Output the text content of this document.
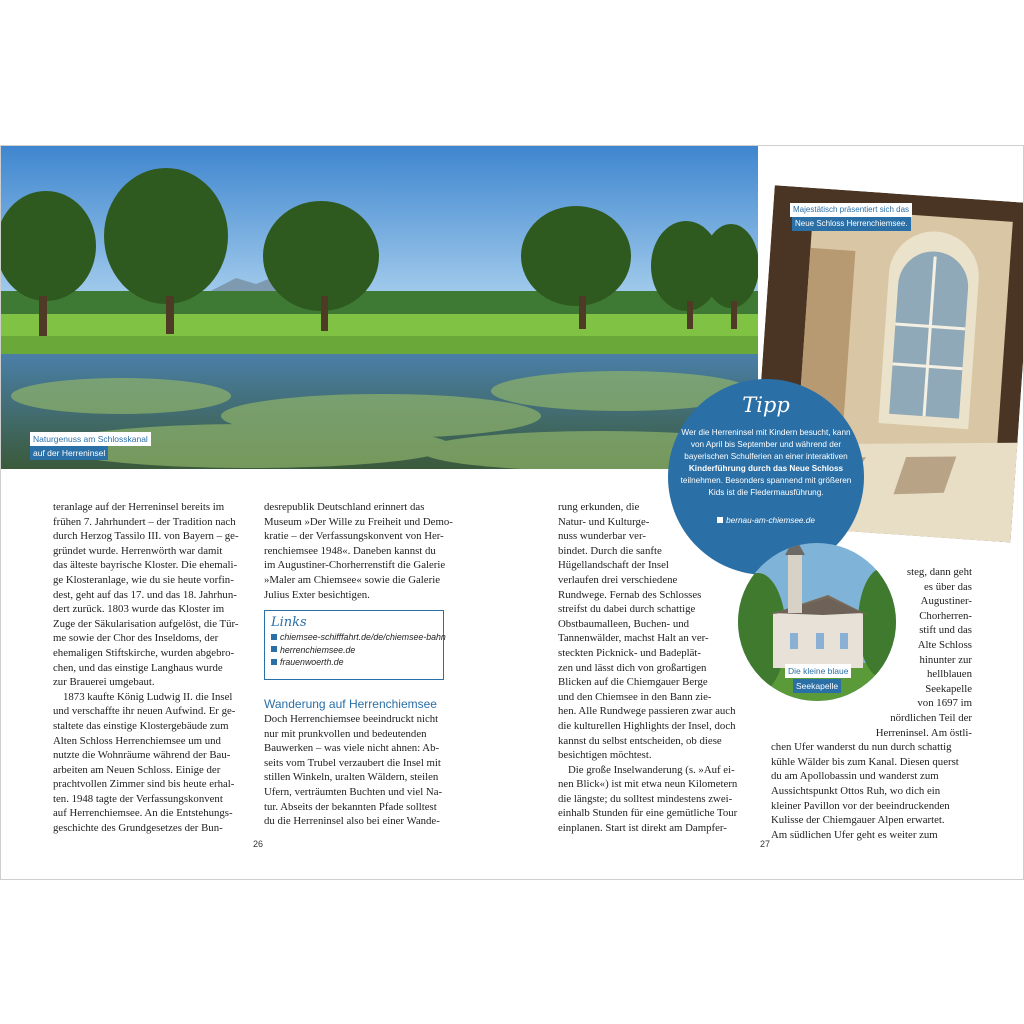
Naturgenuss am Schlosskanal
auf der Herreninsel
Majestätisch präsentiert sich das
Neue Schloss Herrenchiemsee.
Tipp
Wer die Herreninsel mit Kindern besucht, kann von April bis September und während der bayerischen Schulferien an einer interaktiven Kinderführung durch das Neue Schloss teilnehmen. Besonders spannend mit größeren Kids ist die Fledermausführung.
bernau-am-chiemsee.de
Die kleine blaue
Seekapelle
teranlage auf der Herreninsel bereits im
frühen 7. Jahrhundert – der Tradition nach
durch Herzog Tassilo III. von Bayern – ge-
gründet wurde. Herrenwörth war damit
das älteste bayrische Kloster. Die ehemali-
ge Klosteranlage, wie du sie heute vorfin-
dest, geht auf das 17. und das 18. Jahrhun-
dert zurück. 1803 wurde das Kloster im
Zuge der Säkularisation aufgelöst, die Tür-
me sowie der Chor des Inseldoms, der
ehemaligen Stiftskirche, wurden abgebro-
chen, und das einstige Langhaus wurde
zur Brauerei umgebaut.
1873 kaufte König Ludwig II. die Insel
und verschaffte ihr neuen Aufwind. Er ge-
staltete das einstige Klostergebäude zum
Alten Schloss Herrenchiemsee um und
nutzte die Wohnräume während der Bau-
arbeiten am Neuen Schloss. Einige der
prachtvollen Zimmer sind bis heute erhal-
ten. 1948 tagte der Verfassungskonvent
auf Herrenchiemsee. An die Entstehungs-
geschichte des Grundgesetzes der Bun-
desrepublik Deutschland erinnert das
Museum »Der Wille zu Freiheit und Demo-
kratie – der Verfassungskonvent von Her-
renchiemsee 1948«. Daneben kannst du
im Augustiner-Chorherrenstift die Galerie
»Maler am Chiemsee« sowie die Galerie
Julius Exter besichtigen.
Links
chiemsee-schifffahrt.de/de/chiemsee-bahn
herrenchiemsee.de
frauenwoerth.de
Wanderung auf Herrenchiemsee
Doch Herrenchiemsee beeindruckt nicht
nur mit prunkvollen und bedeutenden
Bauwerken – was viele nicht ahnen: Ab-
seits vom Trubel verzaubert die Insel mit
stillen Winkeln, uralten Wäldern, steilen
Ufern, verträumten Buchten und viel Na-
tur. Abseits der bekannten Pfade solltest
du die Herreninsel also bei einer Wande-
rung erkunden, die
Natur- und Kulturge-
nuss wunderbar ver-
bindet. Durch die sanfte
Hügellandschaft der Insel
verlaufen drei verschiedene
Rundwege. Fernab des Schlosses
streifst du dabei durch schattige
Obstbaumalleen, Buchen- und
Tannenwälder, machst Halt an ver-
steckten Picknick- und Badeplät-
zen und lässt dich von großartigen
Blicken auf die Chiemgauer Berge
und den Chiemsee in den Bann zie-
hen. Alle Rundwege passieren zwar auch
die kulturellen Highlights der Insel, doch
kannst du selbst entscheiden, ob diese
besichtigen möchtest.
Die große Inselwanderung (s. »Auf ei-
nen Blick«) ist mit etwa neun Kilometern
die längste; du solltest mindestens zwei-
einhalb Stunden für eine gemütliche Tour
einplanen. Start ist direkt am Dampfer-
steg, dann geht
es über das
Augustiner-
Chorherren-
stift und das
Alte Schloss
hinunter zur
hellblauen
Seekapelle
von 1697 im
nördlichen Teil der
Herreninsel. Am östli-
chen Ufer wanderst du nun durch schattig
kühle Wälder bis zum Kanal. Diesen querst
du am Apollobassin und wanderst zum
Aussichtspunkt Ottos Ruh, wo dich ein
kleiner Pavillon vor der beeindruckenden
Kulisse der Chiemgauer Alpen erwartet.
Am südlichen Ufer geht es weiter zum
26	27
